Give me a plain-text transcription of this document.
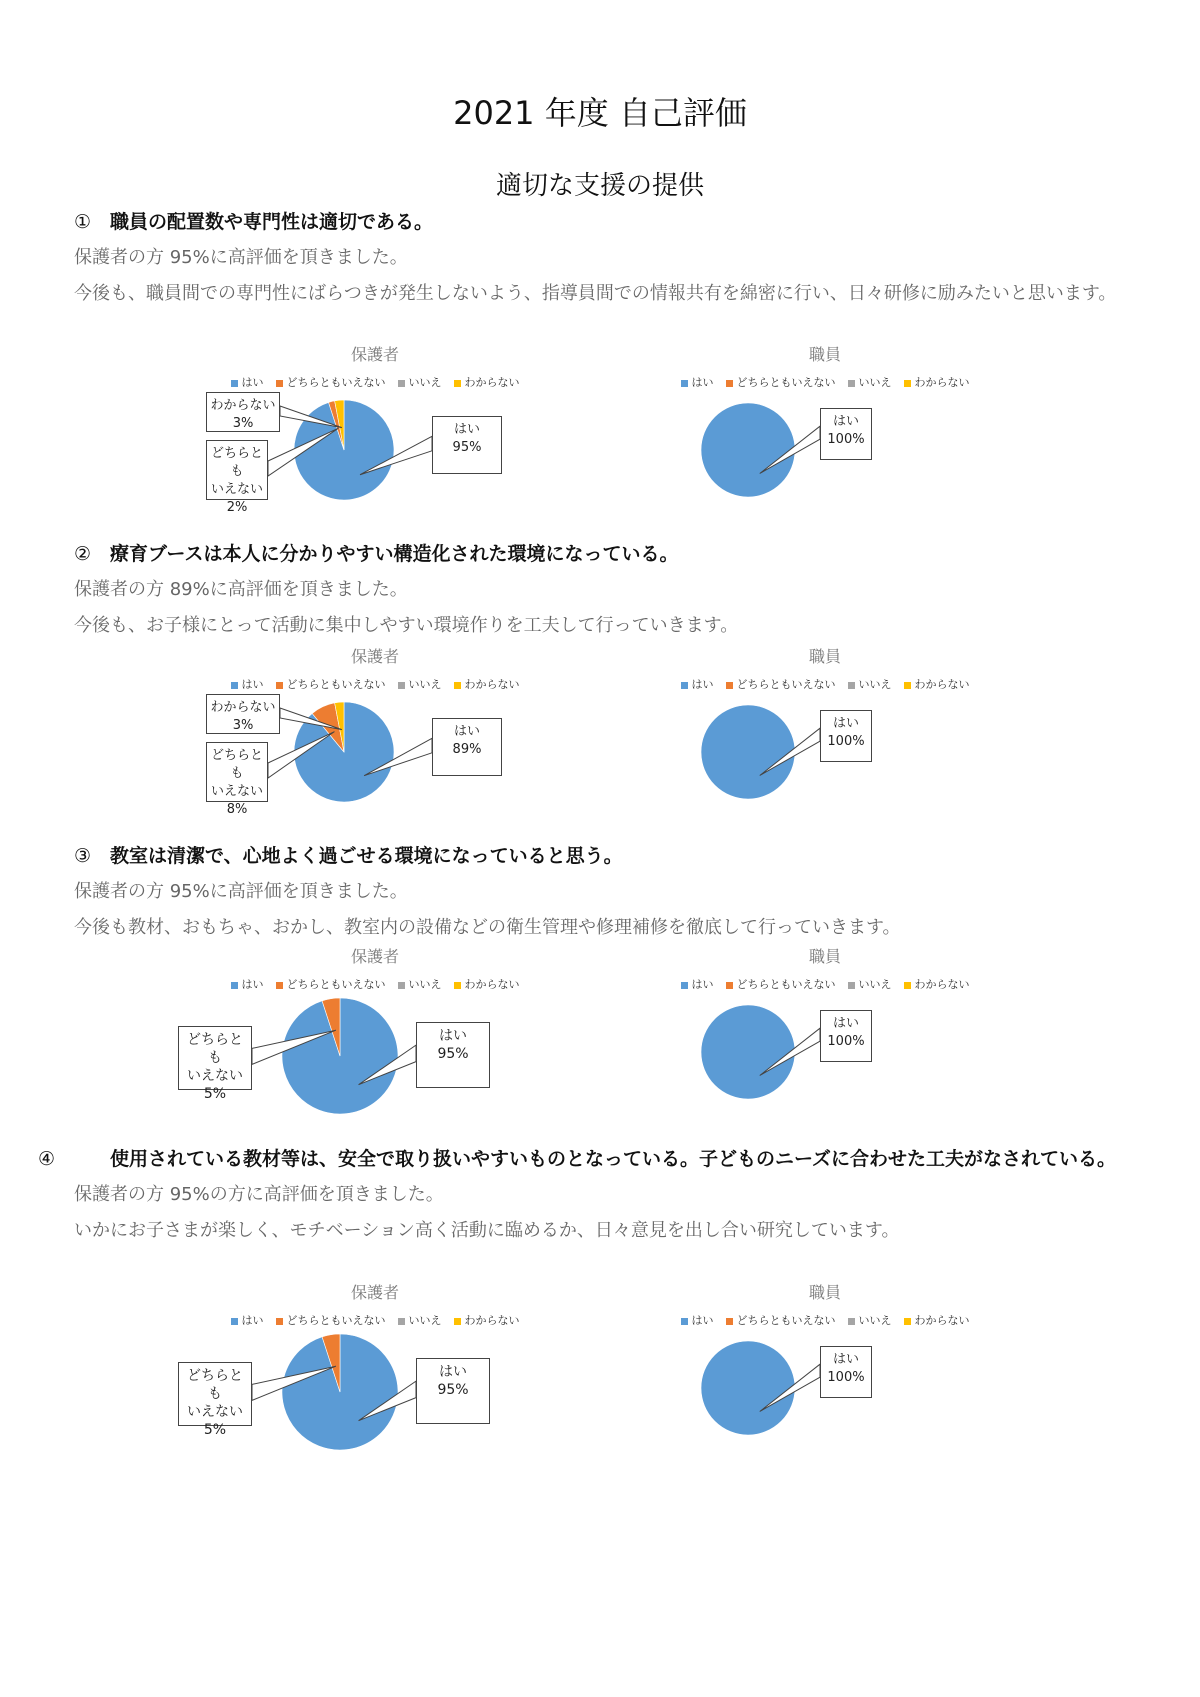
2021 年度 自己評価
適切な支援の提供
① 職員の配置数や専門性は適切である。
保護者の方 95%に高評価を頂きました。
今後も、職員間での専門性にばらつきが発生しないよう、指導員間での情報共有を綿密に行い、日々研修に励みたいと思います。
② 療育ブースは本人に分かりやすい構造化された環境になっている。
保護者の方 89%に高評価を頂きました。
今後も、お子様にとって活動に集中しやすい環境作りを工夫して行っていきます。
③ 教室は清潔で、心地よく過ごせる環境になっていると思う。
保護者の方 95%に高評価を頂きました。
今後も教材、おもちゃ、おかし、教室内の設備などの衛生管理や修理補修を徹底して行っていきます。
④	使用されている教材等は、安全で取り扱いやすいものとなっている。子どものニーズに合わせた工夫がなされている。
保護者の方 95%の方に高評価を頂きました。
いかにお子さまが楽しく、モチベーション高く活動に臨めるか、日々意見を出し合い研究しています。
保護者
はい どちらともいえない いいえ わからない
はい
95%
どちらとも
いえない
2%
わからない
3%
職員
はい どちらともいえない いいえ わからない
はい
100%
保護者
はい どちらともいえない いいえ わからない
はい
89%
どちらとも
いえない
8%
わからない
3%
職員
はい どちらともいえない いいえ わからない
はい
100%
保護者
はい どちらともいえない いいえ わからない
はい
95%
どちらとも
いえない
5%
職員
はい どちらともいえない いいえ わからない
はい
100%
保護者
はい どちらともいえない いいえ わからない
はい
95%
どちらとも
いえない
5%
職員
はい どちらともいえない いいえ わからない
はい
100%
